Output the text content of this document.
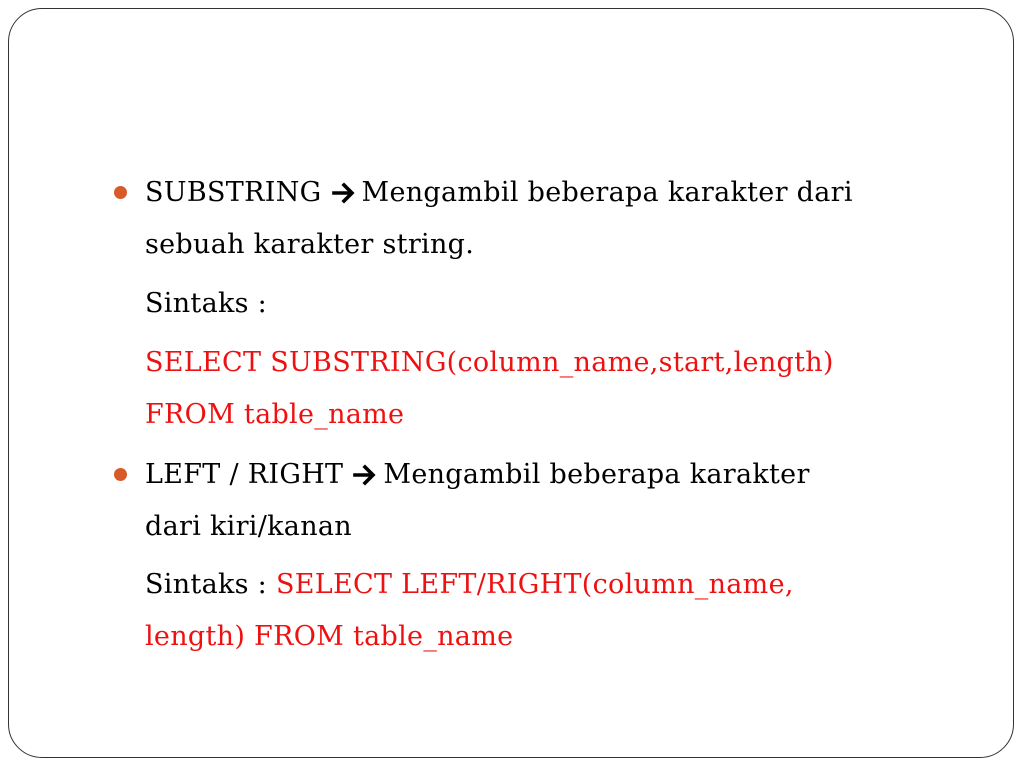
SUBSTRING Mengambil beberapa karakter dari
sebuah karakter string.
Sintaks :
SELECT SUBSTRING(column_name,start,length)
FROM table_name
LEFT / RIGHT Mengambil beberapa karakter
dari kiri/kanan
Sintaks : SELECT LEFT/RIGHT(column_name,
length) FROM table_name
